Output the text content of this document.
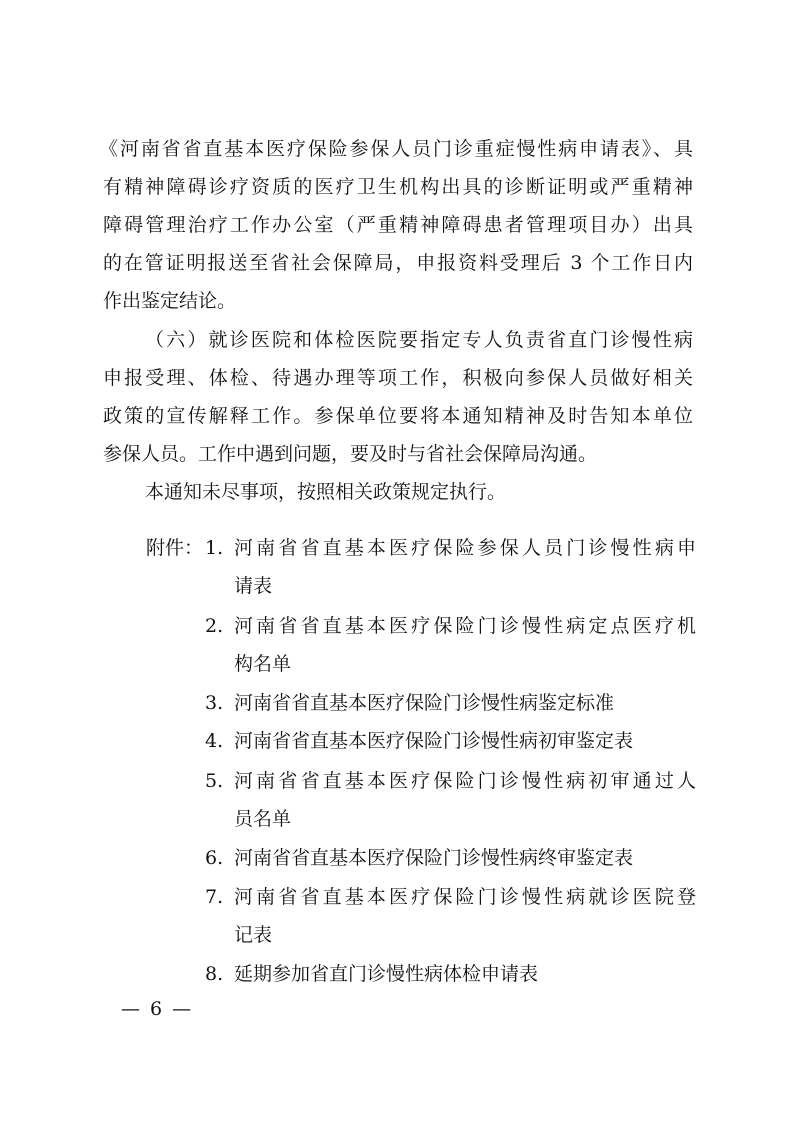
《河南省省直基本医疗保险参保人员门诊重症慢性病申请表》、具
有精神障碍诊疗资质的医疗卫生机构出具的诊断证明或严重精神
障碍管理治疗工作办公室（严重精神障碍患者管理项目办）出具
的在管证明报送至省社会保障局，申报资料受理后 3 个工作日内
作出鉴定结论。
（六）就诊医院和体检医院要指定专人负责省直门诊慢性病
申报受理、体检、待遇办理等项工作，积极向参保人员做好相关
政策的宣传解释工作。参保单位要将本通知精神及时告知本单位
参保人员。工作中遇到问题，要及时与省社会保障局沟通。
本通知未尽事项，按照相关政策规定执行。
附件： 1. 河南省省直基本医疗保险参保人员门诊慢性病申
请表
2. 河南省省直基本医疗保险门诊慢性病定点医疗机
构名单
3. 河南省省直基本医疗保险门诊慢性病鉴定标准
4. 河南省省直基本医疗保险门诊慢性病初审鉴定表
5. 河南省省直基本医疗保险门诊慢性病初审通过人
员名单
6. 河南省省直基本医疗保险门诊慢性病终审鉴定表
7. 河南省省直基本医疗保险门诊慢性病就诊医院登
记表
8. 延期参加省直门诊慢性病体检申请表
— 6 —
